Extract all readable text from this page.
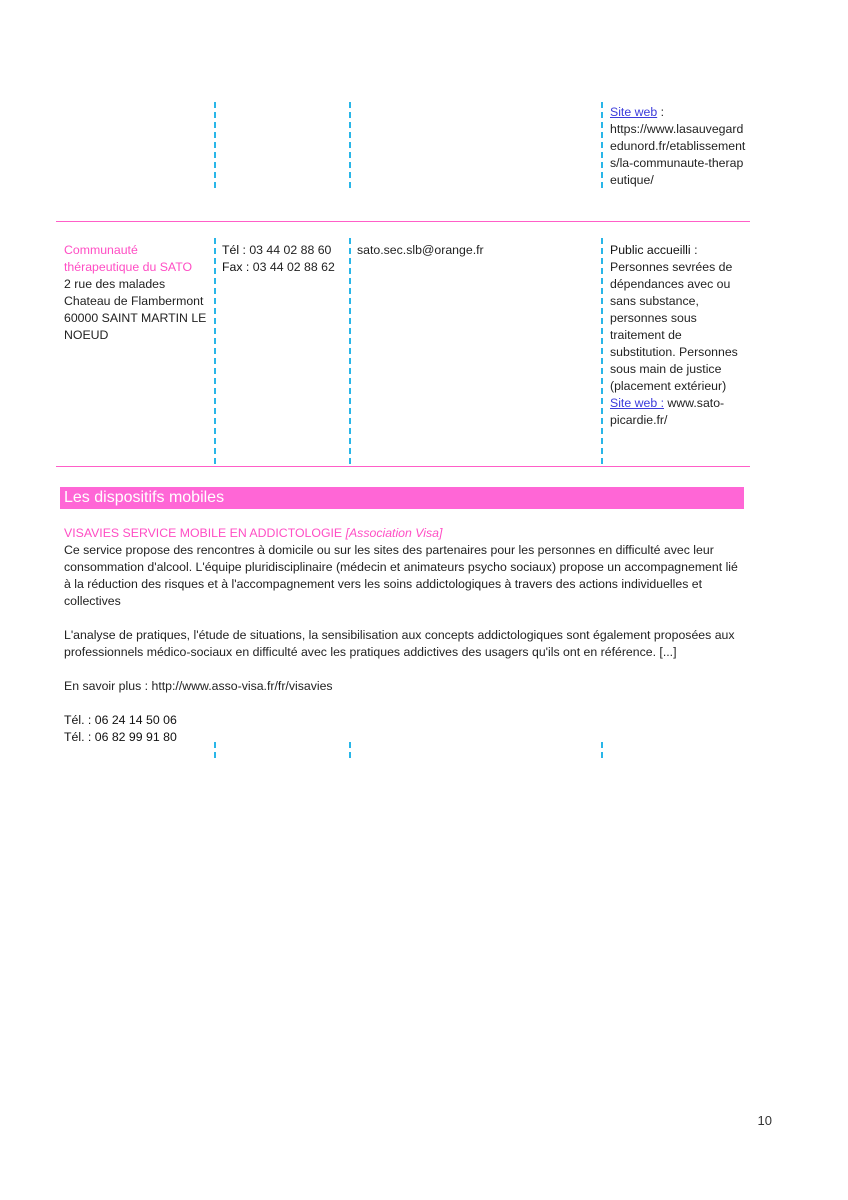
Site web :
https://www.lasauvegardedunord.fr/etablissements/la-communaute-therapeutique/
Communauté thérapeutique du SATO
2 rue des malades
Chateau de Flambermont
60000 SAINT MARTIN LE NOEUD
Tél : 03 44 02 88 60
Fax : 03 44 02 88 62
sato.sec.slb@orange.fr	Public accueilli :
Personnes sevrées de dépendances avec ou sans substance, personnes sous traitement de substitution. Personnes sous main de justice (placement extérieur)
Site web : www.sato-picardie.fr/
Les dispositifs mobiles

VISAVIES SERVICE MOBILE EN ADDICTOLOGIE [Association Visa]

Ce service propose des rencontres à domicile ou sur les sites des partenaires pour les personnes en difficulté avec leur consommation d'alcool. L'équipe pluridisciplinaire (médecin et animateurs psycho sociaux) propose un accompagnement lié à la réduction des risques et à l'accompagnement vers les soins addictologiques à travers des actions individuelles et collectives

L'analyse de pratiques, l'étude de situations, la sensibilisation aux concepts addictologiques sont également proposées aux professionnels médico-sociaux en difficulté avec les pratiques addictives des usagers qu'ils ont en référence. [...]

En savoir plus : http://www.asso-visa.fr/fr/visavies

Tél. : 06 24 14 50 06

Tél. : 06 82 99 91 80

10
